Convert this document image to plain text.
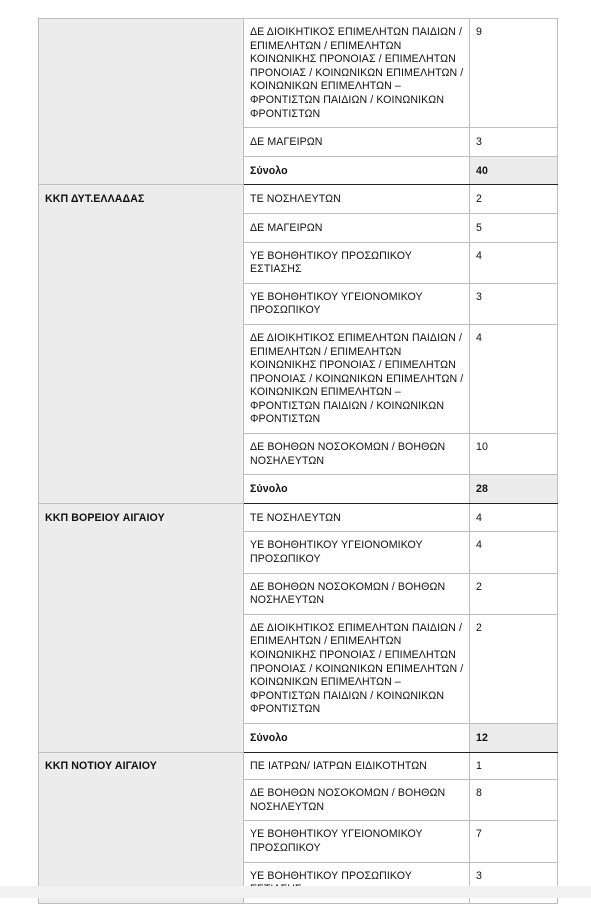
	ΔΕ ΔΙΟΙΚΗΤΙΚΟΣ ΕΠΙΜΕΛΗΤΩΝ ΠΑΙΔΙΩΝ / ΕΠΙΜΕΛΗΤΩΝ / ΕΠΙΜΕΛΗΤΩΝ ΚΟΙΝΩΝΙΚΗΣ ΠΡΟΝΟΙΑΣ / ΕΠΙΜΕΛΗΤΩΝ ΠΡΟΝΟΙΑΣ / ΚΟΙΝΩΝΙΚΩΝ ΕΠΙΜΕΛΗΤΩΝ / ΚΟΙΝΩΝΙΚΩΝ ΕΠΙΜΕΛΗΤΩΝ – ΦΡΟΝΤΙΣΤΩΝ ΠΑΙΔΙΩΝ / ΚΟΙΝΩΝΙΚΩΝ ΦΡΟΝΤΙΣΤΩΝ	9
	ΔΕ ΜΑΓΕΙΡΩΝ	3
	Σύνολο	40
ΚΚΠ ΔΥΤ.ΕΛΛΑΔΑΣ	ΤΕ ΝΟΣΗΛΕΥΤΩΝ	2
	ΔΕ ΜΑΓΕΙΡΩΝ	5
	ΥΕ ΒΟΗΘΗΤΙΚΟΥ ΠΡΟΣΩΠΙΚΟΥ ΕΣΤΙΑΣΗΣ	4
	ΥΕ ΒΟΗΘΗΤΙΚΟΥ ΥΓΕΙΟΝΟΜΙΚΟΥ ΠΡΟΣΩΠΙΚΟΥ	3
	ΔΕ ΔΙΟΙΚΗΤΙΚΟΣ ΕΠΙΜΕΛΗΤΩΝ ΠΑΙΔΙΩΝ / ΕΠΙΜΕΛΗΤΩΝ / ΕΠΙΜΕΛΗΤΩΝ ΚΟΙΝΩΝΙΚΗΣ ΠΡΟΝΟΙΑΣ / ΕΠΙΜΕΛΗΤΩΝ ΠΡΟΝΟΙΑΣ / ΚΟΙΝΩΝΙΚΩΝ ΕΠΙΜΕΛΗΤΩΝ / ΚΟΙΝΩΝΙΚΩΝ ΕΠΙΜΕΛΗΤΩΝ – ΦΡΟΝΤΙΣΤΩΝ ΠΑΙΔΙΩΝ / ΚΟΙΝΩΝΙΚΩΝ ΦΡΟΝΤΙΣΤΩΝ	4
	ΔΕ ΒΟΗΘΩΝ ΝΟΣΟΚΟΜΩΝ / ΒΟΗΘΩΝ ΝΟΣΗΛΕΥΤΩΝ	10
	Σύνολο	28
ΚΚΠ ΒΟΡΕΙΟΥ ΑΙΓΑΙΟΥ	ΤΕ ΝΟΣΗΛΕΥΤΩΝ	4
	ΥΕ ΒΟΗΘΗΤΙΚΟΥ ΥΓΕΙΟΝΟΜΙΚΟΥ ΠΡΟΣΩΠΙΚΟΥ	4
	ΔΕ ΒΟΗΘΩΝ ΝΟΣΟΚΟΜΩΝ / ΒΟΗΘΩΝ ΝΟΣΗΛΕΥΤΩΝ	2
	ΔΕ ΔΙΟΙΚΗΤΙΚΟΣ ΕΠΙΜΕΛΗΤΩΝ ΠΑΙΔΙΩΝ / ΕΠΙΜΕΛΗΤΩΝ / ΕΠΙΜΕΛΗΤΩΝ ΚΟΙΝΩΝΙΚΗΣ ΠΡΟΝΟΙΑΣ / ΕΠΙΜΕΛΗΤΩΝ ΠΡΟΝΟΙΑΣ / ΚΟΙΝΩΝΙΚΩΝ ΕΠΙΜΕΛΗΤΩΝ / ΚΟΙΝΩΝΙΚΩΝ ΕΠΙΜΕΛΗΤΩΝ – ΦΡΟΝΤΙΣΤΩΝ ΠΑΙΔΙΩΝ / ΚΟΙΝΩΝΙΚΩΝ ΦΡΟΝΤΙΣΤΩΝ	2
	Σύνολο	12
ΚΚΠ ΝΟΤΙΟΥ ΑΙΓΑΙΟΥ	ΠΕ ΙΑΤΡΩΝ/ ΙΑΤΡΩΝ ΕΙΔΙΚΟΤΗΤΩΝ	1
	ΔΕ ΒΟΗΘΩΝ ΝΟΣΟΚΟΜΩΝ / ΒΟΗΘΩΝ ΝΟΣΗΛΕΥΤΩΝ	8
	ΥΕ ΒΟΗΘΗΤΙΚΟΥ ΥΓΕΙΟΝΟΜΙΚΟΥ ΠΡΟΣΩΠΙΚΟΥ	7
	ΥΕ ΒΟΗΘΗΤΙΚΟΥ ΠΡΟΣΩΠΙΚΟΥ	3
